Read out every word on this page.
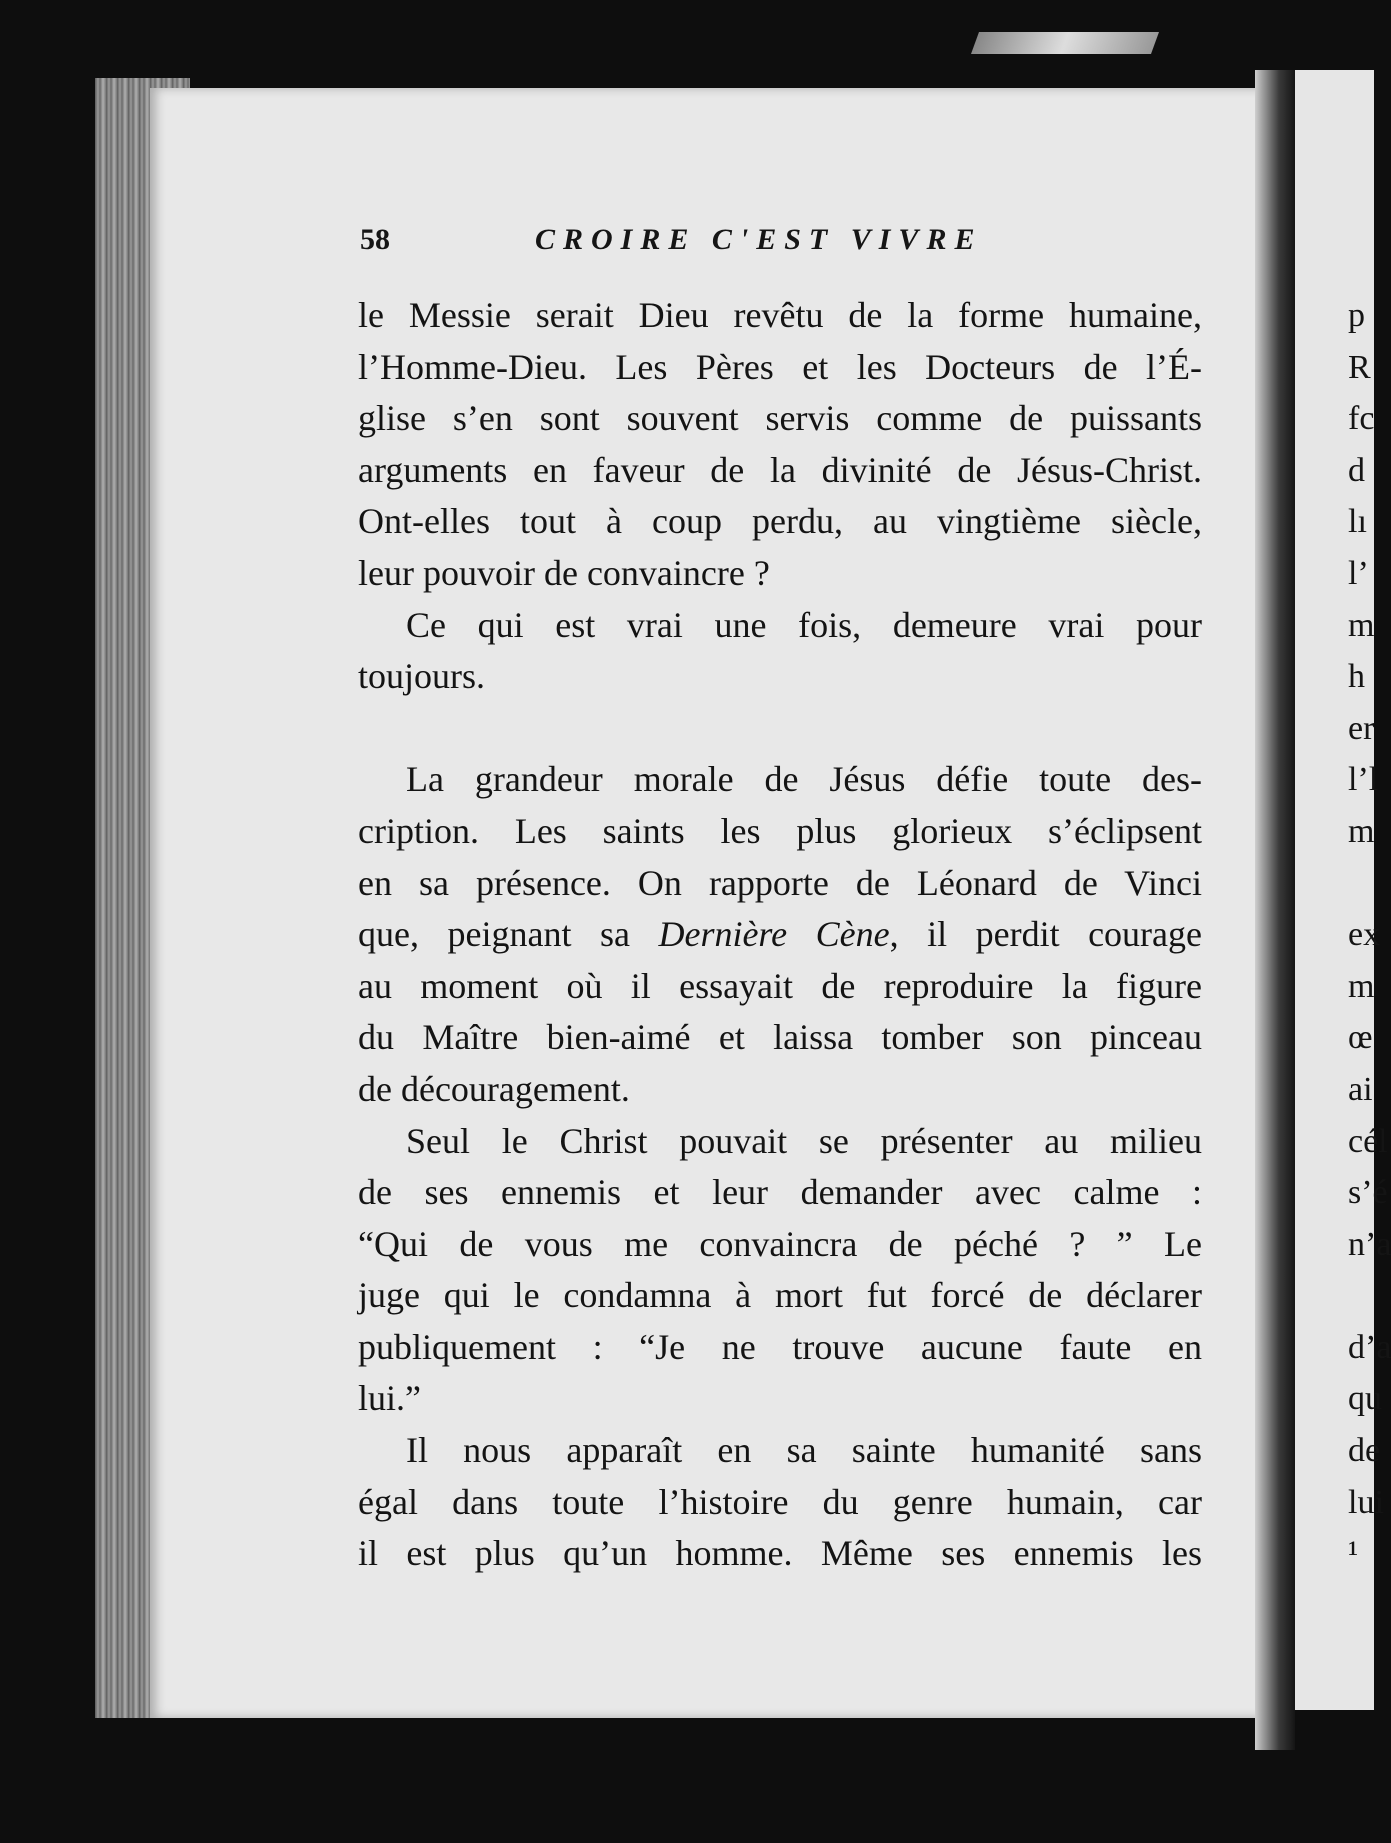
58	CROIRE C'EST VIVRE
le Messie serait Dieu revêtu de la forme humaine,
l’Homme-Dieu. Les Pères et les Docteurs de l’É-
glise s’en sont souvent servis comme de puissants
arguments en faveur de la divinité de Jésus-Christ.
Ont-elles tout à coup perdu, au vingtième siècle,
leur pouvoir de convaincre ?
Ce qui est vrai une fois, demeure vrai pour
toujours.
La grandeur morale de Jésus défie toute des-
cription. Les saints les plus glorieux s’éclipsent
en sa présence. On rapporte de Léonard de Vinci
que, peignant sa Dernière Cène, il perdit courage
au moment où il essayait de reproduire la figure
du Maître bien-aimé et laissa tomber son pinceau
de découragement.
Seul le Christ pouvait se présenter au milieu
de ses ennemis et leur demander avec calme :
“Qui de vous me convaincra de péché ? ” Le
juge qui le condamna à mort fut forcé de déclarer
publiquement : “Je ne trouve aucune faute en
lui.”
Il nous apparaît en sa sainte humanité sans
égal dans toute l’histoire du genre humain, car
il est plus qu’un homme. Même ses ennemis les
p
R
fc
d
lı
l’
m
h
er
l’l
m
ex
m
œ
ai
cél
s’é
n’a
d’a
qu
de
lui
¹
